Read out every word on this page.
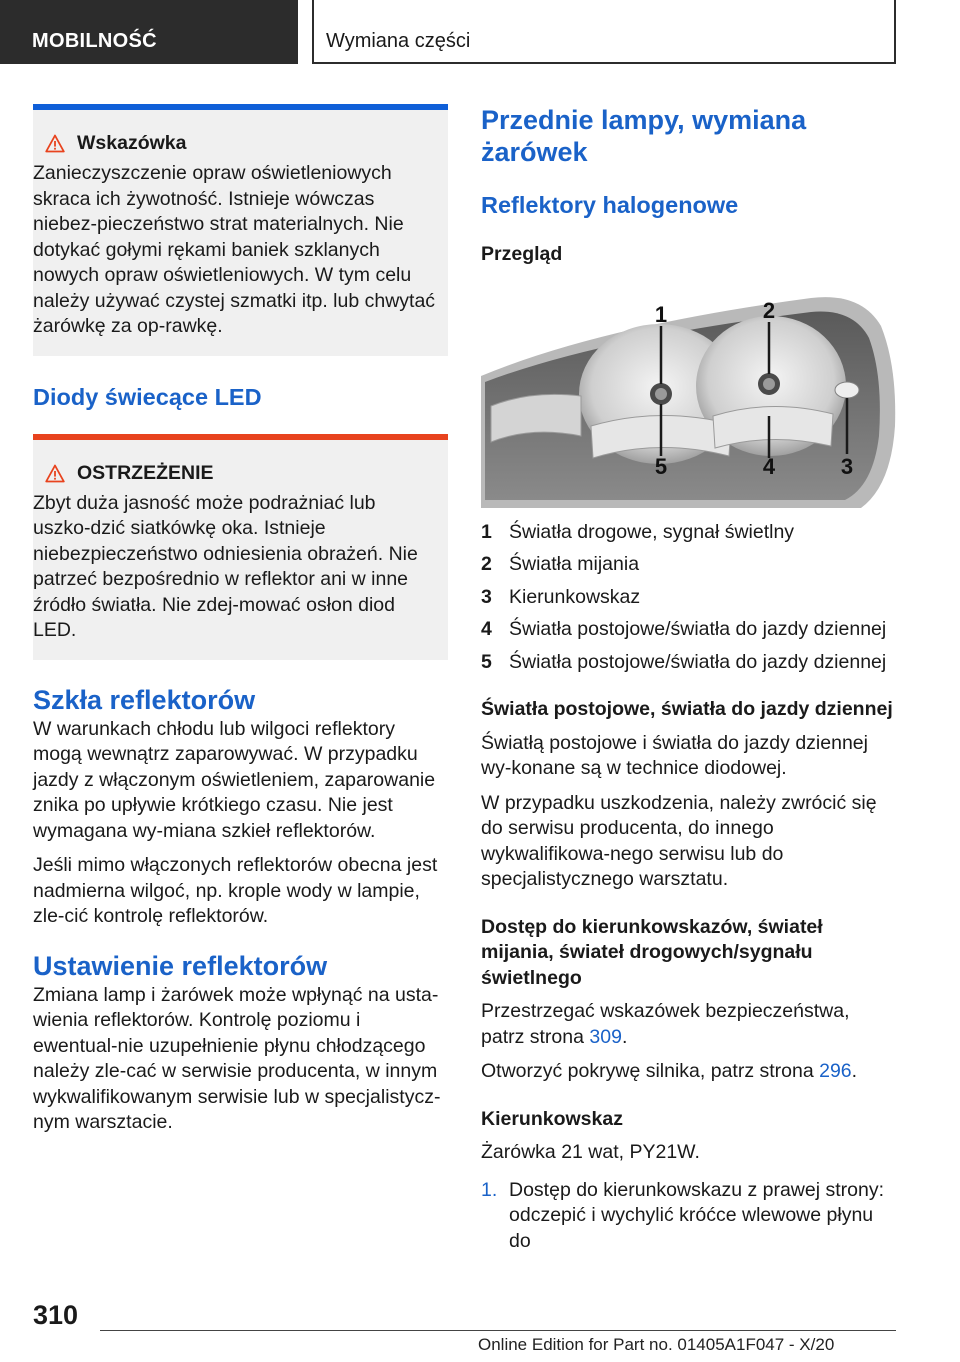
MOBILNOŚĆ	Wymiana części
Wskazówka

Zanieczyszczenie opraw oświetleniowych skraca ich żywotność. Istnieje wówczas niebez-pieczeństwo strat materialnych. Nie dotykać gołymi rękami baniek szklanych nowych opraw oświetleniowych. W tym celu należy używać czystej szmatki itp. lub chwytać żarówkę za op-rawkę.

Diody świecące LED
OSTRZEŻENIE

Zbyt duża jasność może podrażniać lub uszko-dzić siatkówkę oka. Istnieje niebezpieczeństwo odniesienia obrażeń. Nie patrzeć bezpośrednio w reflektor ani w inne źródło światła. Nie zdej-mować osłon diod LED.

Szkła reflektorów

W warunkach chłodu lub wilgoci reflektory mogą wewnątrz zaparowywać. W przypadku jazdy z włączonym oświetleniem, zaparowanie znika po upływie krótkiego czasu. Nie jest wymagana wy-miana szkieł reflektorów.

Jeśli mimo włączonych reflektorów obecna jest nadmierna wilgoć, np. krople wody w lampie, zle-cić kontrolę reflektorów.

Ustawienie reflektorów

Zmiana lamp i żarówek może wpłynąć na usta-wienia reflektorów. Kontrolę poziomu i ewentual-nie uzupełnienie płynu chłodzącego należy zle-cać w serwisie producenta, w innym wykwalifikowanym serwisie lub w specjalistycz-nym warsztacie.

Przednie lampy, wymiana żarówek
Reflektory halogenowe
Przegląd
1	2
3
4
5
1 Światła drogowe, sygnał świetlny
2 Światła mijania
3 Kierunkowskaz
4 Światła postojowe/światła do jazdy dziennej
5 Światła postojowe/światła do jazdy dziennej
Światła postojowe, światła do jazdy dziennej

Światłą postojowe i światła do jazdy dziennej wy-konane są w technice diodowej.

W przypadku uszkodzenia, należy zwrócić się do serwisu producenta, do innego wykwalifikowa-nego serwisu lub do specjalistycznego warsztatu.

Dostęp do kierunkowskazów, świateł mijania, świateł drogowych/sygnału świetlnego

Przestrzegać wskazówek bezpieczeństwa, patrz strona 309.

Otworzyć pokrywę silnika, patrz strona 296.

Kierunkowskaz

Żarówka 21 wat, PY21W.

1. Dostęp do kierunkowskazu z prawej strony: odczepić i wychylić króćce wlewowe płynu do
310
Online Edition for Part no. 01405A1F047 - X/20
